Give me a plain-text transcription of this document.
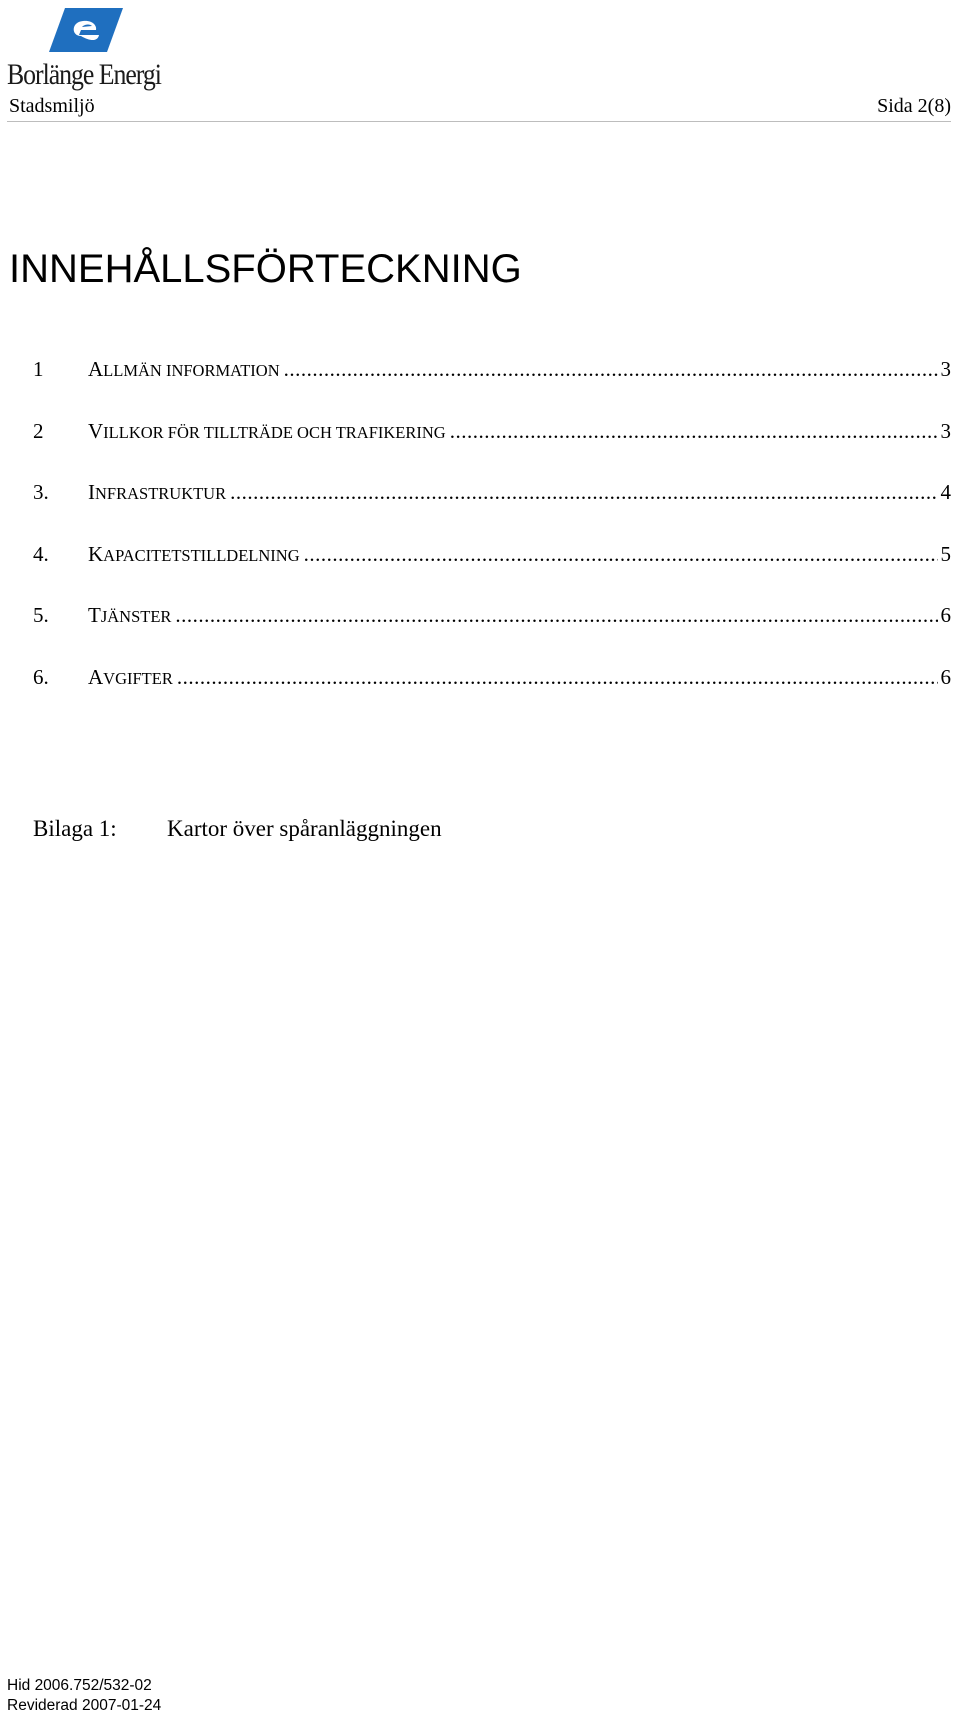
Borlänge Energi
Stadsmiljö	Sida 2(8)
INNEHÅLLSFÖRTECKNING
1	ALLMÄN INFORMATION .....	3
2	VILLKOR FÖR TILLTRÄDE OCH TRAFIKERING .....	3
3.	INFRASTRUKTUR .....	4
4.	KAPACITETSTILLDELNING .....	5
5.	TJÄNSTER .....	6
6.	AVGIFTER .....	6
Bilaga 1:	Kartor över spåranläggningen
Hid 2006.752/532-02
Reviderad 2007-01-24
